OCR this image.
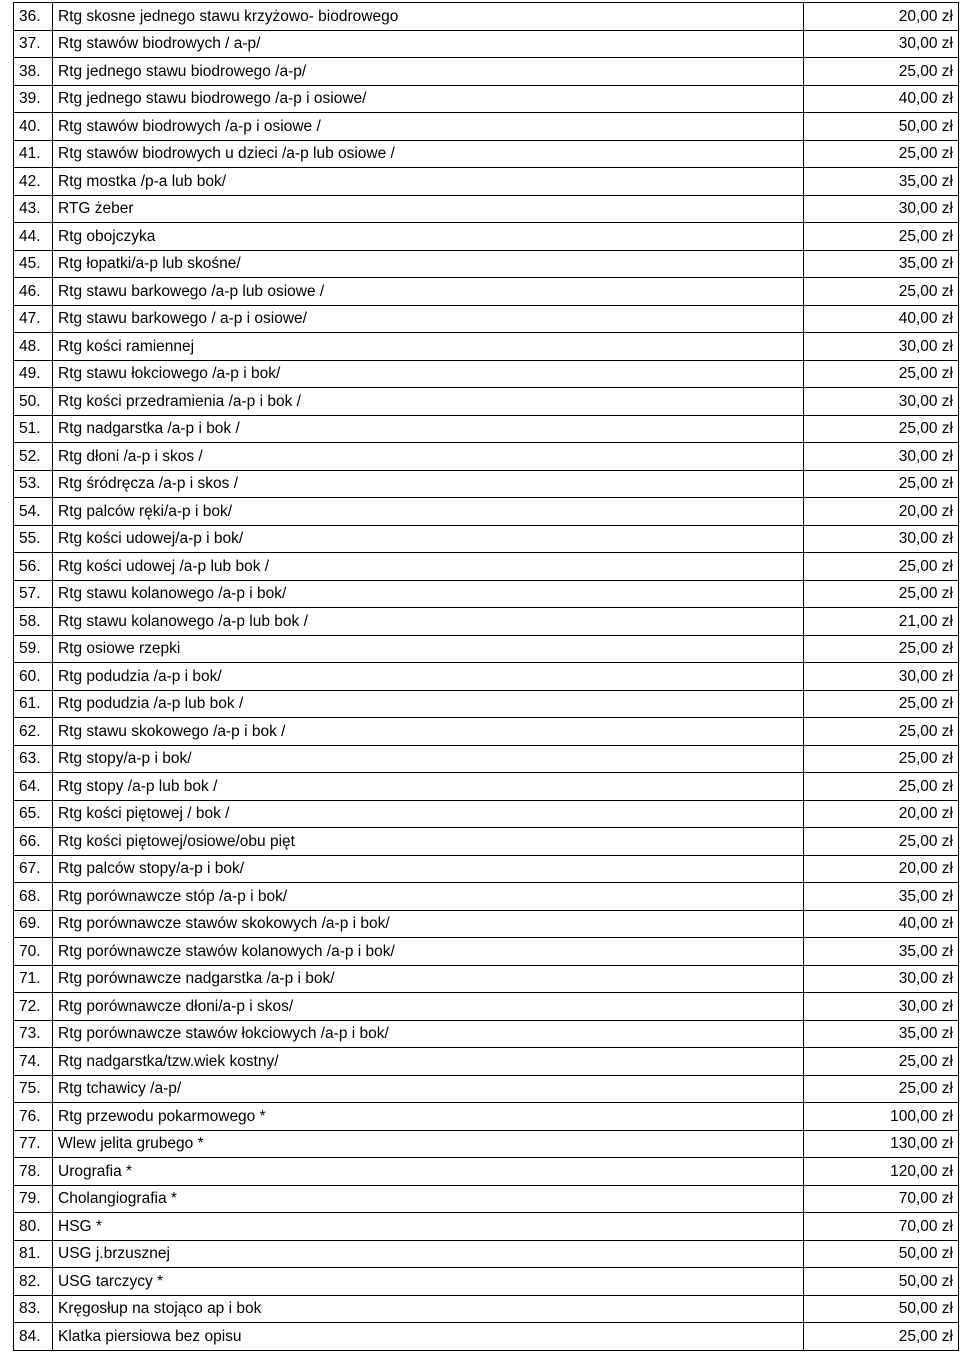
36.	Rtg skosne jednego stawu krzyżowo- biodrowego	20,00 zł
37.	Rtg stawów biodrowych / a-p/	30,00 zł
38.	Rtg jednego stawu biodrowego /a-p/	25,00 zł
39.	Rtg jednego stawu biodrowego /a-p i osiowe/	40,00 zł
40.	Rtg stawów biodrowych /a-p i osiowe /	50,00 zł
41.	Rtg stawów biodrowych u dzieci /a-p lub osiowe /	25,00 zł
42.	Rtg mostka /p-a lub bok/	35,00 zł
43.	RTG żeber	30,00 zł
44.	Rtg obojczyka	25,00 zł
45.	Rtg łopatki/a-p lub skośne/	35,00 zł
46.	Rtg stawu barkowego /a-p lub osiowe /	25,00 zł
47.	Rtg stawu barkowego / a-p i osiowe/	40,00 zł
48.	Rtg kości ramiennej	30,00 zł
49.	Rtg stawu łokciowego /a-p i bok/	25,00 zł
50.	Rtg kości przedramienia /a-p i bok /	30,00 zł
51.	Rtg nadgarstka /a-p i bok /	25,00 zł
52.	Rtg dłoni /a-p i skos /	30,00 zł
53.	Rtg śródręcza /a-p i skos /	25,00 zł
54.	Rtg palców ręki/a-p i bok/	20,00 zł
55.	Rtg kości udowej/a-p i bok/	30,00 zł
56.	Rtg kości udowej /a-p lub bok /	25,00 zł
57.	Rtg stawu kolanowego /a-p i bok/	25,00 zł
58.	Rtg stawu kolanowego /a-p lub bok /	21,00 zł
59.	Rtg osiowe rzepki	25,00 zł
60.	Rtg podudzia /a-p i bok/	30,00 zł
61.	Rtg podudzia /a-p lub bok /	25,00 zł
62.	Rtg stawu skokowego /a-p i bok /	25,00 zł
63.	Rtg stopy/a-p i bok/	25,00 zł
64.	Rtg stopy /a-p lub bok /	25,00 zł
65.	Rtg kości piętowej / bok /	20,00 zł
66.	Rtg kości piętowej/osiowe/obu pięt	25,00 zł
67.	Rtg palców stopy/a-p i bok/	20,00 zł
68.	Rtg porównawcze stóp /a-p i bok/	35,00 zł
69.	Rtg porównawcze stawów skokowych /a-p i bok/	40,00 zł
70.	Rtg porównawcze stawów kolanowych /a-p i bok/	35,00 zł
71.	Rtg porównawcze nadgarstka /a-p i bok/	30,00 zł
72.	Rtg porównawcze dłoni/a-p i skos/	30,00 zł
73.	Rtg porównawcze stawów łokciowych /a-p i bok/	35,00 zł
74.	Rtg nadgarstka/tzw.wiek kostny/	25,00 zł
75.	Rtg tchawicy /a-p/	25,00 zł
76.	Rtg przewodu pokarmowego *	100,00 zł
77.	Wlew jelita grubego *	130,00 zł
78.	Urografia *	120,00 zł
79.	Cholangiografia *	70,00 zł
80.	HSG *	70,00 zł
81.	USG j.brzusznej	50,00 zł
82.	USG tarczycy *	50,00 zł
83.	Kręgosłup na stojąco ap i bok	50,00 zł
84.	Klatka piersiowa bez opisu	25,00 zł
